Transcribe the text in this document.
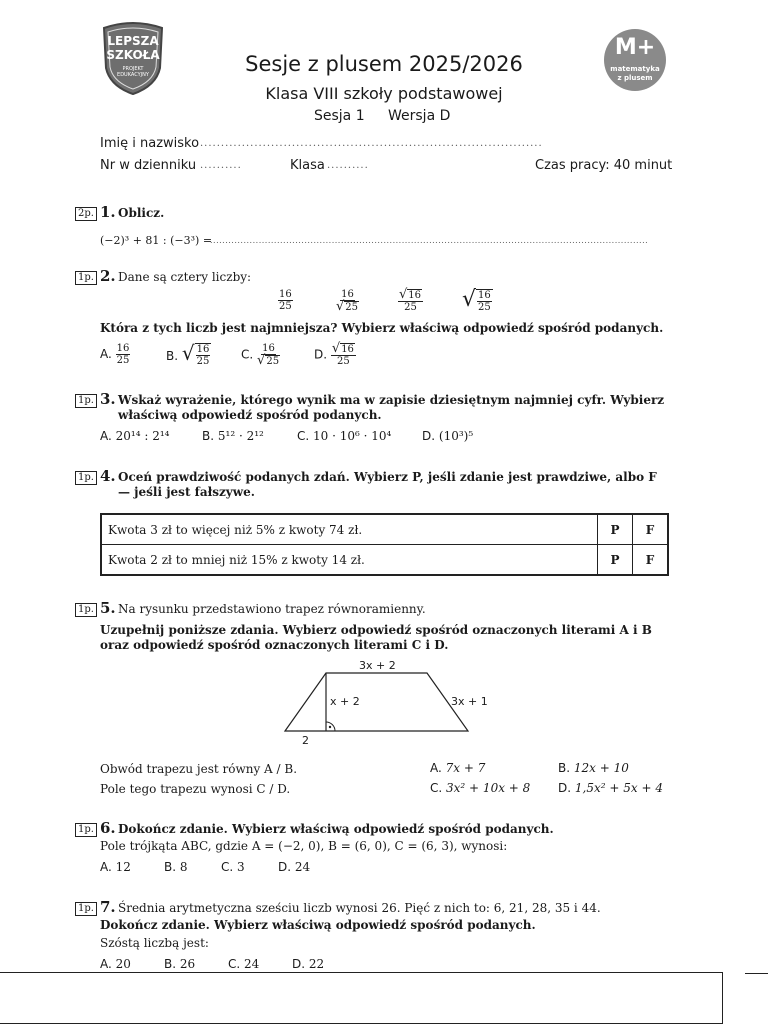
LEPSZA
SZKOŁA
PROJEKT EDUKACYJNY
M+
matematyka
z plusem
Sesje z plusem 2025/2026
Klasa VIII szkoły podstawowej
Sesja 1 Wersja D
Imię i nazwisko ..................................................................................
Nr w dzienniku ..........	Klasa ..........	Czas pracy: 40 minut
2p. 1. Oblicz.
(−2)³ + 81 : (−3³) =
................................................................................................................................................
1p. 2. Dane są cztery liczby:
$\frac{16}{25}$	$\frac{16}{√25}$	$\frac{√16}{25}$ √ $\frac{16}{25}$
Która z tych liczb jest najmniejsza? Wybierz właściwą odpowiedź spośród podanych.
A. $\frac{16}{25}$	B. √ $\frac{16}{25}$	C. $\frac{16}{√25}$	D. $\frac{√16}{25}$
1p. 3. Wskaż wyrażenie, którego wynik ma w zapisie dziesiętnym najmniej cyfr. Wybierz właściwą odpowiedź spośród podanych.
A. 20¹⁴ : 2¹⁴	B. 5¹² · 2¹²	C. 10 · 10⁶ · 10⁴	D. (10³)⁵
1p. 4. Oceń prawdziwość podanych zdań. Wybierz P, jeśli zdanie jest prawdziwe, albo F — jeśli jest fałszywe.
Kwota 3 zł to więcej niż 5% z kwoty 74 zł.	P	F
Kwota 2 zł to mniej niż 15% z kwoty 14 zł.	P	F
1p. 5. Na rysunku przedstawiono trapez równoramienny.
Uzupełnij poniższe zdania. Wybierz odpowiedź spośród oznaczonych literami A i B oraz odpowiedź spośród oznaczonych literami C i D.
3x + 2
x + 2	3x + 1
2
Obwód trapezu jest równy A / B.
Pole tego trapezu wynosi C / D.
A. 7x + 7	B. 12x + 10
C. 3x² + 10x + 8 D. 1,5x² + 5x + 4
1p. 6. Dokończ zdanie. Wybierz właściwą odpowiedź spośród podanych.
Pole trójkąta ABC, gdzie A = (−2, 0), B = (6, 0), C = (6, 3), wynosi:
A. 12	B. 8	C. 3	D. 24
1p. 7. Średnia arytmetyczna sześciu liczb wynosi 26. Pięć z nich to: 6, 21, 28, 35 i 44.
Dokończ zdanie. Wybierz właściwą odpowiedź spośród podanych.
Szóstą liczbą jest:
A. 20	B. 26	C. 24	D. 22
